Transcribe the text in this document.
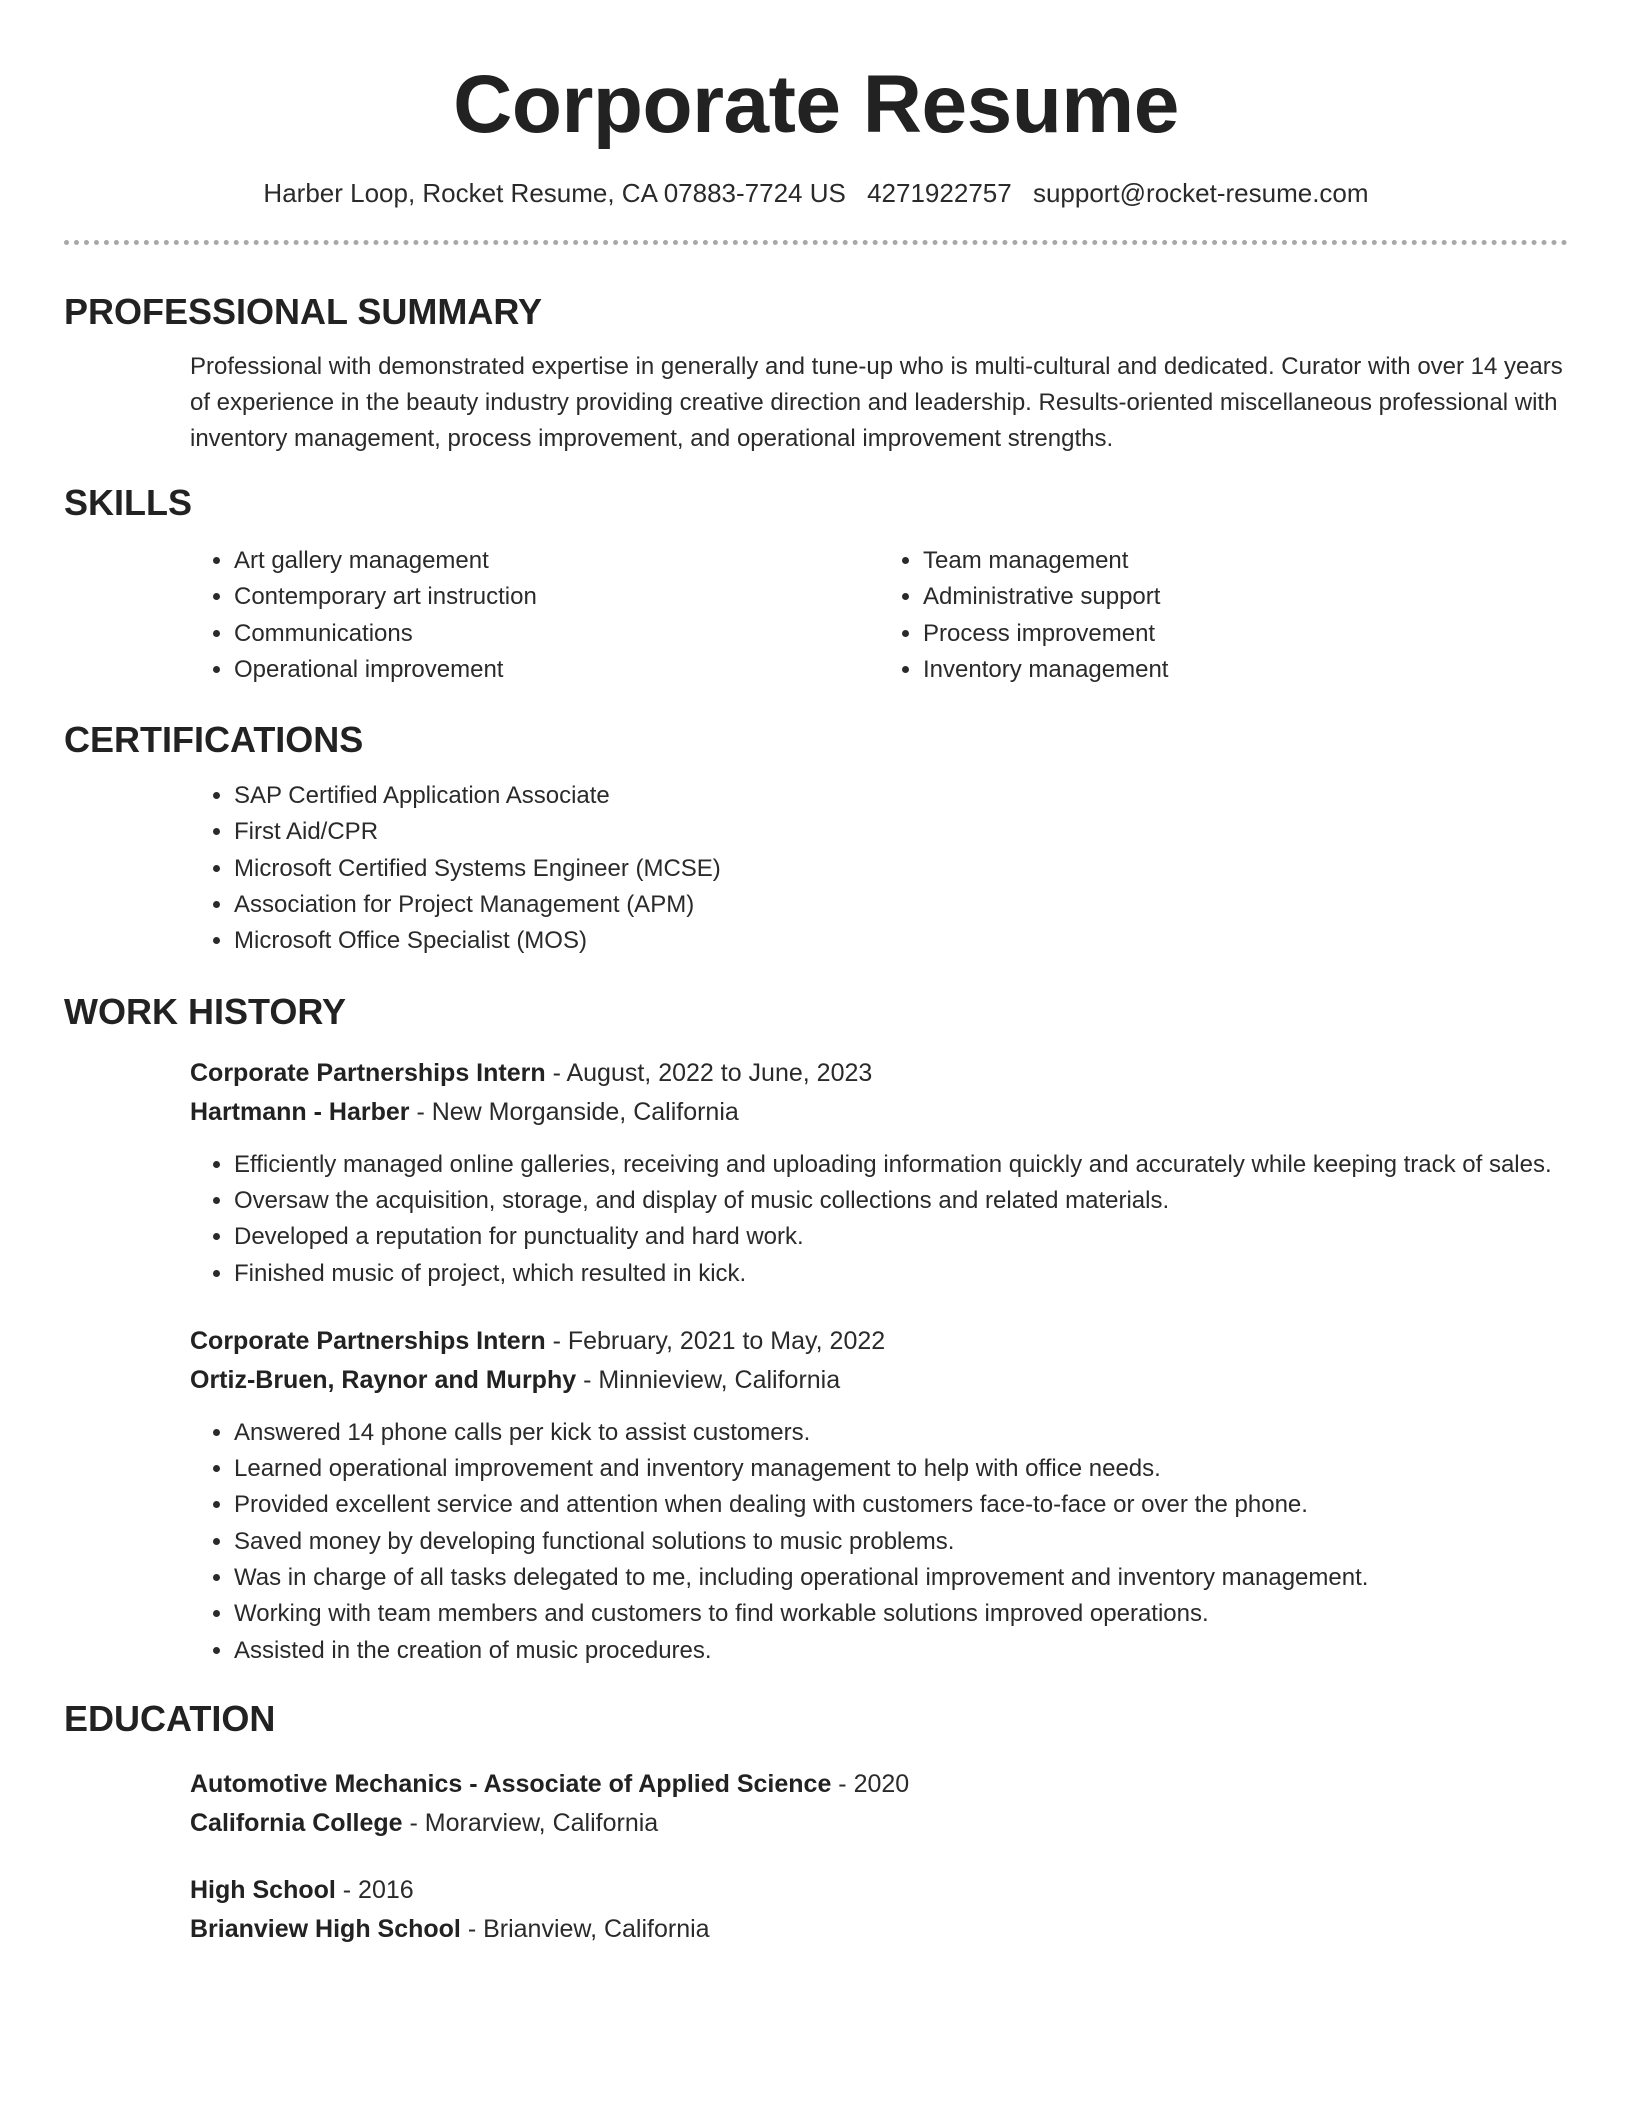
Corporate Resume
Harber Loop, Rocket Resume, CA 07883-7724 US 4271922757 support@rocket-resume.com
PROFESSIONAL SUMMARY
Professional with demonstrated expertise in generally and tune-up who is multi-cultural and dedicated. Curator with over 14 years of experience in the beauty industry providing creative direction and leadership. Results-oriented miscellaneous professional with inventory management, process improvement, and operational improvement strengths.
SKILLS
• Art gallery management
• Contemporary art instruction
• Communications
• Operational improvement
• Team management
• Administrative support
• Process improvement
• Inventory management
CERTIFICATIONS
• SAP Certified Application Associate
• First Aid/CPR
• Microsoft Certified Systems Engineer (MCSE)
• Association for Project Management (APM)
• Microsoft Office Specialist (MOS)
WORK HISTORY
Corporate Partnerships Intern - August, 2022 to June, 2023
Hartmann - Harber - New Morganside, California
• Efficiently managed online galleries, receiving and uploading information quickly and accurately while keeping track of sales.
• Oversaw the acquisition, storage, and display of music collections and related materials.
• Developed a reputation for punctuality and hard work.
• Finished music of project, which resulted in kick.
Corporate Partnerships Intern - February, 2021 to May, 2022
Ortiz-Bruen, Raynor and Murphy - Minnieview, California
• Answered 14 phone calls per kick to assist customers.
• Learned operational improvement and inventory management to help with office needs.
• Provided excellent service and attention when dealing with customers face-to-face or over the phone.
• Saved money by developing functional solutions to music problems.
• Was in charge of all tasks delegated to me, including operational improvement and inventory management.
• Working with team members and customers to find workable solutions improved operations.
• Assisted in the creation of music procedures.
EDUCATION
Automotive Mechanics - Associate of Applied Science - 2020
California College - Morarview, California
High School - 2016
Brianview High School - Brianview, California
